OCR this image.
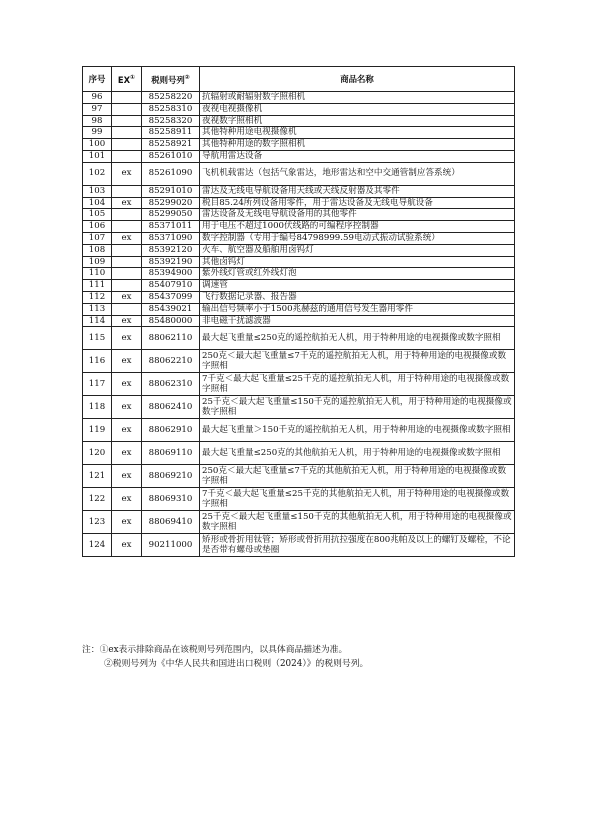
序号	EX①	税则号列②	商品名称
96		85258220	抗辐射或耐辐射数字照相机
97		85258310	夜视电视摄像机
98		85258320	夜视数字照相机
99		85258911	其他特种用途电视摄像机
100		85258921	其他特种用途的数字照相机
101		85261010	导航用雷达设备
102	ex	85261090	飞机机载雷达（包括气象雷达，地形雷达和空中交通管制应答系统）
103		85291010	雷达及无线电导航设备用天线或天线反射器及其零件
104	ex	85299020	税目85.24所列设备用零件，用于雷达设备及无线电导航设备
105		85299050	雷达设备及无线电导航设备用的其他零件
106		85371011	用于电压不超过1000伏线路的可编程序控制器
107	ex	85371090	数字控制器（专用于编号84798999.59电动式振动试验系统）
108		85392120	火车、航空器及船舶用卤钨灯
109		85392190	其他卤钨灯
110		85394900	紫外线灯管或红外线灯泡
111		85407910	调速管
112	ex	85437099	飞行数据记录器、报告器
113		85439021	输出信号频率小于1500兆赫兹的通用信号发生器用零件
114	ex	85480000	非电磁干扰滤波器
115	ex	88062110	最大起飞重量≤250克的遥控航拍无人机，用于特种用途的电视摄像或数字照相
116	ex	88062210	250克＜最大起飞重量≤7千克的遥控航拍无人机，用于特种用途的电视摄像或数字照相
117	ex	88062310	7千克＜最大起飞重量≤25千克的遥控航拍无人机，用于特种用途的电视摄像或数字照相
118	ex	88062410	25千克＜最大起飞重量≤150千克的遥控航拍无人机，用于特种用途的电视摄像或数字照相
119	ex	88062910	最大起飞重量＞150千克的遥控航拍无人机，用于特种用途的电视摄像或数字照相
120	ex	88069110	最大起飞重量≤250克的其他航拍无人机，用于特种用途的电视摄像或数字照相
121	ex	88069210	250克＜最大起飞重量≤7千克的其他航拍无人机，用于特种用途的电视摄像或数字照相
122	ex	88069310	7千克＜最大起飞重量≤25千克的其他航拍无人机，用于特种用途的电视摄像或数字照相
123	ex	88069410	25千克＜最大起飞重量≤150千克的其他航拍无人机，用于特种用途的电视摄像或数字照相
124	ex	90211000	矫形或骨折用钛管；矫形或骨折用抗拉强度在800兆帕及以上的螺钉及螺栓，不论是否带有螺母或垫圈
注：①ex表示排除商品在该税则号列范围内，以具体商品描述为准。
②税则号列为《中华人民共和国进出口税则（2024）》的税则号列。
